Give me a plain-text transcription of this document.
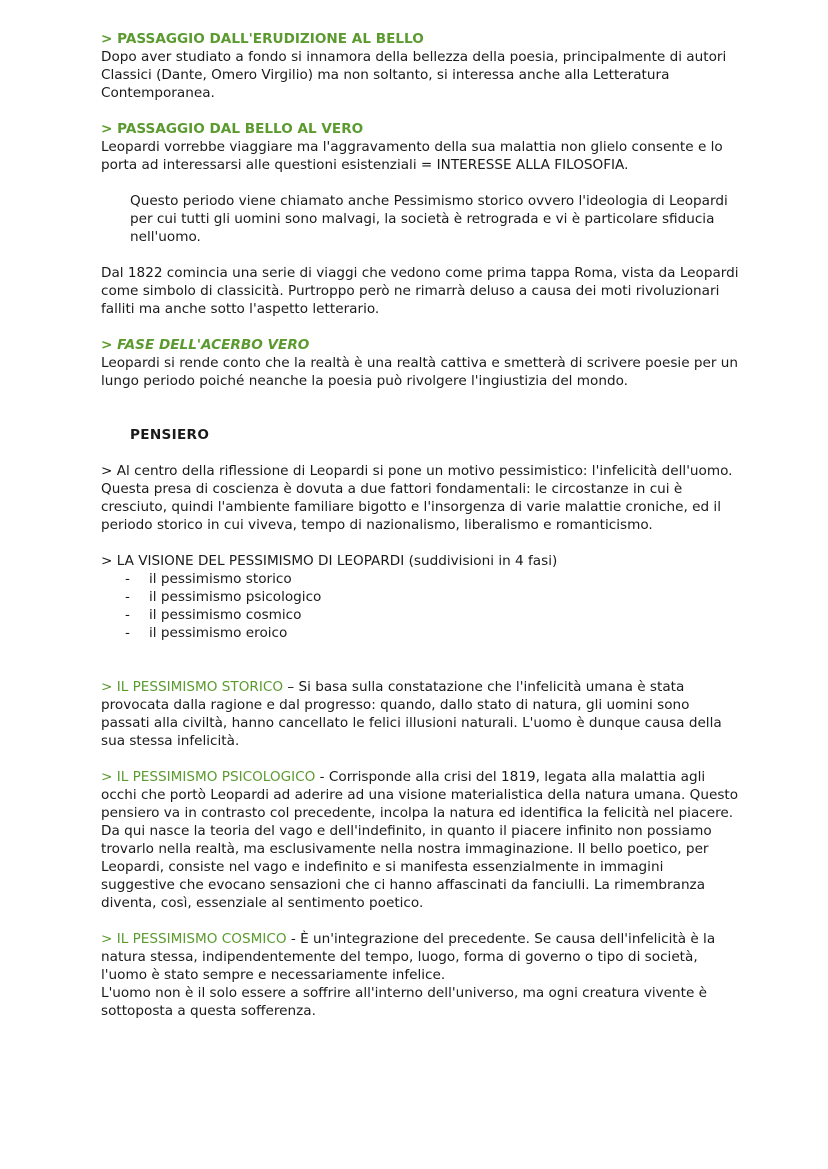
> PASSAGGIO DALL'ERUDIZIONE AL BELLO

Dopo aver studiato a fondo si innamora della bellezza della poesia, principalmente di autori Classici (Dante, Omero Virgilio) ma non soltanto, si interessa anche alla Letteratura Contemporanea.

> PASSAGGIO DAL BELLO AL VERO

Leopardi vorrebbe viaggiare ma l'aggravamento della sua malattia non glielo consente e lo porta ad interessarsi alle questioni esistenziali = INTERESSE ALLA FILOSOFIA.

Questo periodo viene chiamato anche Pessimismo storico ovvero l'ideologia di Leopardi per cui tutti gli uomini sono malvagi, la società è retrograda e vi è particolare sfiducia nell'uomo.

Dal 1822 comincia una serie di viaggi che vedono come prima tappa Roma, vista da Leopardi come simbolo di classicità. Purtroppo però ne rimarrà deluso a causa dei moti rivoluzionari falliti ma anche sotto l'aspetto letterario.

> FASE DELL'ACERBO VERO

Leopardi si rende conto che la realtà è una realtà cattiva e smetterà di scrivere poesie per un lungo periodo poiché neanche la poesia può rivolgere l'ingiustizia del mondo.

PENSIERO

> Al centro della riflessione di Leopardi si pone un motivo pessimistico: l'infelicità dell'uomo. Questa presa di coscienza è dovuta a due fattori fondamentali: le circostanze in cui è cresciuto, quindi l'ambiente familiare bigotto e l'insorgenza di varie malattie croniche, ed il periodo storico in cui viveva, tempo di nazionalismo, liberalismo e romanticismo.

> LA VISIONE DEL PESSIMISMO DI LEOPARDI (suddivisioni in 4 fasi)

- il pessimismo storico
- il pessimismo psicologico
- il pessimismo cosmico
- il pessimismo eroico

> IL PESSIMISMO STORICO – Si basa sulla constatazione che l'infelicità umana è stata provocata dalla ragione e dal progresso: quando, dallo stato di natura, gli uomini sono passati alla civiltà, hanno cancellato le felici illusioni naturali. L'uomo è dunque causa della sua stessa infelicità.

> IL PESSIMISMO PSICOLOGICO - Corrisponde alla crisi del 1819, legata alla malattia agli occhi che portò Leopardi ad aderire ad una visione materialistica della natura umana. Questo pensiero va in contrasto col precedente, incolpa la natura ed identifica la felicità nel piacere.

Da qui nasce la teoria del vago e dell'indefinito, in quanto il piacere infinito non possiamo trovarlo nella realtà, ma esclusivamente nella nostra immaginazione. Il bello poetico, per Leopardi, consiste nel vago e indefinito e si manifesta essenzialmente in immagini suggestive che evocano sensazioni che ci hanno affascinati da fanciulli. La rimembranza diventa, così, essenziale al sentimento poetico.

> IL PESSIMISMO COSMICO - È un'integrazione del precedente. Se causa dell'infelicità è la natura stessa, indipendentemente del tempo, luogo, forma di governo o tipo di società, l'uomo è stato sempre e necessariamente infelice.

L'uomo non è il solo essere a soffrire all'interno dell'universo, ma ogni creatura vivente è sottoposta a questa sofferenza.
